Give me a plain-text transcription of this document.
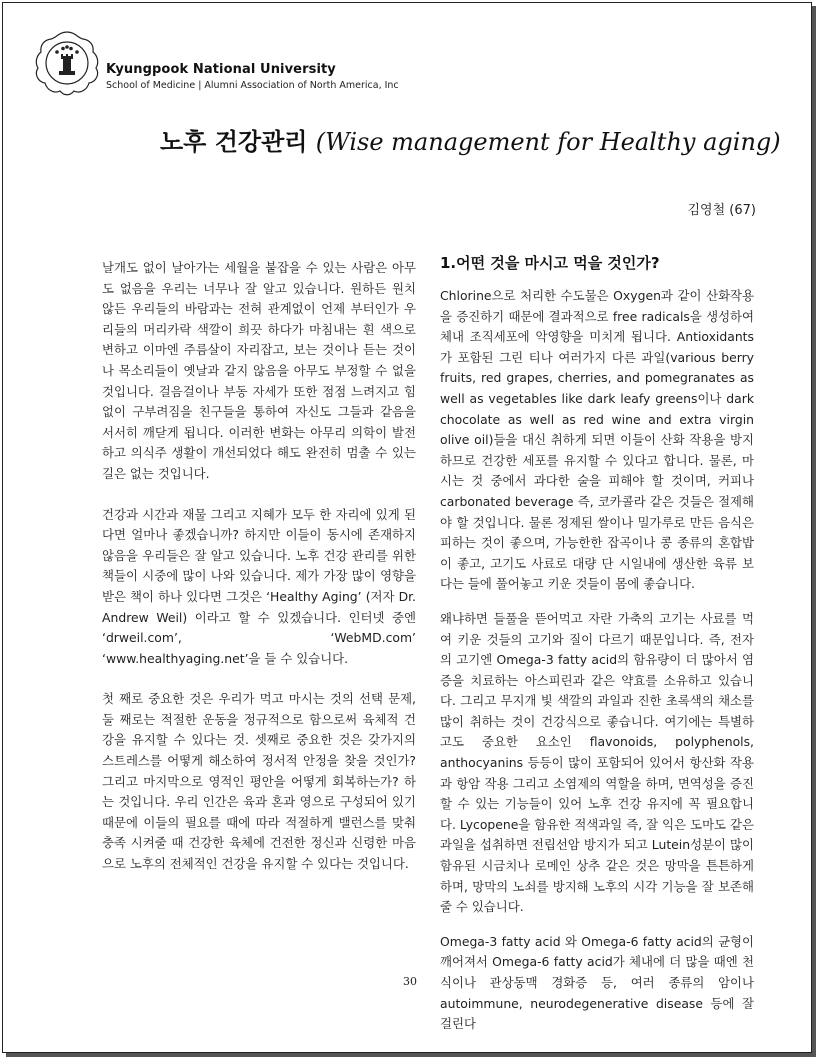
Kyungpook National University
School of Medicine | Alumni Association of North America, Inc
노후 건강관리 (Wise management for Healthy aging)
김영철 (67)

날개도 없이 날아가는 세월을 붙잡을 수 있는 사람은 아무도 없음을 우리는 너무나 잘 알고 있습니다. 원하든 원치 않든 우리들의 바람과는 전혀 관계없이 언제 부터인가 우리들의 머리카락 색깔이 희끗 하다가 마침내는 흰 색으로 변하고 이마엔 주름살이 자리잡고, 보는 것이나 듣는 것이나 목소리들이 옛날과 같지 않음을 아무도 부정할 수 없을 것입니다. 걸음걸이나 부동 자세가 또한 점점 느려지고 힘없이 구부려짐을 친구들을 통하여 자신도 그들과 같음을 서서히 깨닫게 됩니다. 이러한 변화는 아무리 의학이 발전하고 의식주 생활이 개선되었다 해도 완전히 멈출 수 있는 길은 없는 것입니다.

건강과 시간과 재물 그리고 지혜가 모두 한 자리에 있게 된다면 얼마나 좋겠습니까? 하지만 이들이 동시에 존재하지 않음을 우리들은 잘 알고 있습니다. 노후 건강 관리를 위한 책들이 시중에 많이 나와 있습니다. 제가 가장 많이 영향을 받은 책이 하나 있다면 그것은 ‘Healthy Aging’ (저자 Dr. Andrew Weil) 이라고 할 수 있겠습니다. 인터넷 중엔 ‘drweil.com’, ‘WebMD.com’ ‘www.healthyaging.net’을 들 수 있습니다.

첫 째로 중요한 것은 우리가 먹고 마시는 것의 선택 문제, 둘 째로는 적절한 운동을 정규적으로 함으로써 육체적 건강을 유지할 수 있다는 것. 셋째로 중요한 것은 갖가지의 스트레스를 어떻게 해소하여 정서적 안정을 찾을 것인가? 그리고 마지막으로 영적인 평안을 어떻게 회복하는가? 하는 것입니다. 우리 인간은 육과 혼과 영으로 구성되어 있기 때문에 이들의 필요를 때에 따라 적절하게 밸런스를 맞춰 충족 시켜줄 때 건강한 육체에 건전한 정신과 신령한 마음으로 노후의 전체적인 건강을 유지할 수 있다는 것입니다.

1.어떤 것을 마시고 먹을 것인가?

Chlorine으로 처리한 수도물은 Oxygen과 같이 산화작용을 증진하기 때문에 결과적으로 free radicals을 생성하여 체내 조직세포에 악영향을 미치게 됩니다. Antioxidants 가 포함된 그린 티나 여러가지 다른 과일(various berry fruits, red grapes, cherries, and pomegranates as well as vegetables like dark leafy greens이나 dark chocolate as well as red wine and extra virgin olive oil)들을 대신 취하게 되면 이들이 산화 작용을 방지하므로 건강한 세포를 유지할 수 있다고 합니다. 물론, 마시는 것 중에서 과다한 술을 피해야 할 것이며, 커피나 carbonated beverage 즉, 코카콜라 같은 것들은 절제해야 할 것입니다. 물론 정제된 쌀이나 밀가루로 만든 음식은 피하는 것이 좋으며, 가능한한 잡곡이나 콩 종류의 혼합밥이 좋고, 고기도 사료로 대량 단 시일내에 생산한 육류 보다는 들에 풀어놓고 키운 것들이 몸에 좋습니다.

왜냐하면 들풀을 뜯어먹고 자란 가축의 고기는 사료를 먹여 키운 것들의 고기와 질이 다르기 때문입니다. 즉, 전자의 고기엔 Omega-3 fatty acid의 함유량이 더 많아서 염증을 치료하는 아스피린과 같은 약효를 소유하고 있습니다. 그리고 무지개 빛 색깔의 과일과 진한 초록색의 채소를 많이 취하는 것이 건강식으로 좋습니다. 여기에는 특별하고도 중요한 요소인 flavonoids, polyphenols, anthocyanins 등등이 많이 포함되어 있어서 항산화 작용과 항암 작용 그리고 소염제의 역할을 하며, 면역성을 증진할 수 있는 기능들이 있어 노후 건강 유지에 꼭 필요합니다. Lycopene을 함유한 적색과일 즉, 잘 익은 도마도 같은 과일을 섭취하면 전립선암 방지가 되고 Lutein성분이 많이 함유된 시금치나 로메인 상추 같은 것은 망막을 튼튼하게 하며, 망막의 노쇠를 방지해 노후의 시각 기능을 잘 보존해 줄 수 있습니다.

Omega-3 fatty acid 와 Omega-6 fatty acid의 균형이 깨어져서 Omega-6 fatty acid가 체내에 더 많을 때엔 천식이나 관상동맥 경화증 등, 여러 종류의 암이나 autoimmune, neurodegenerative disease 등에 잘 걸린다

30
